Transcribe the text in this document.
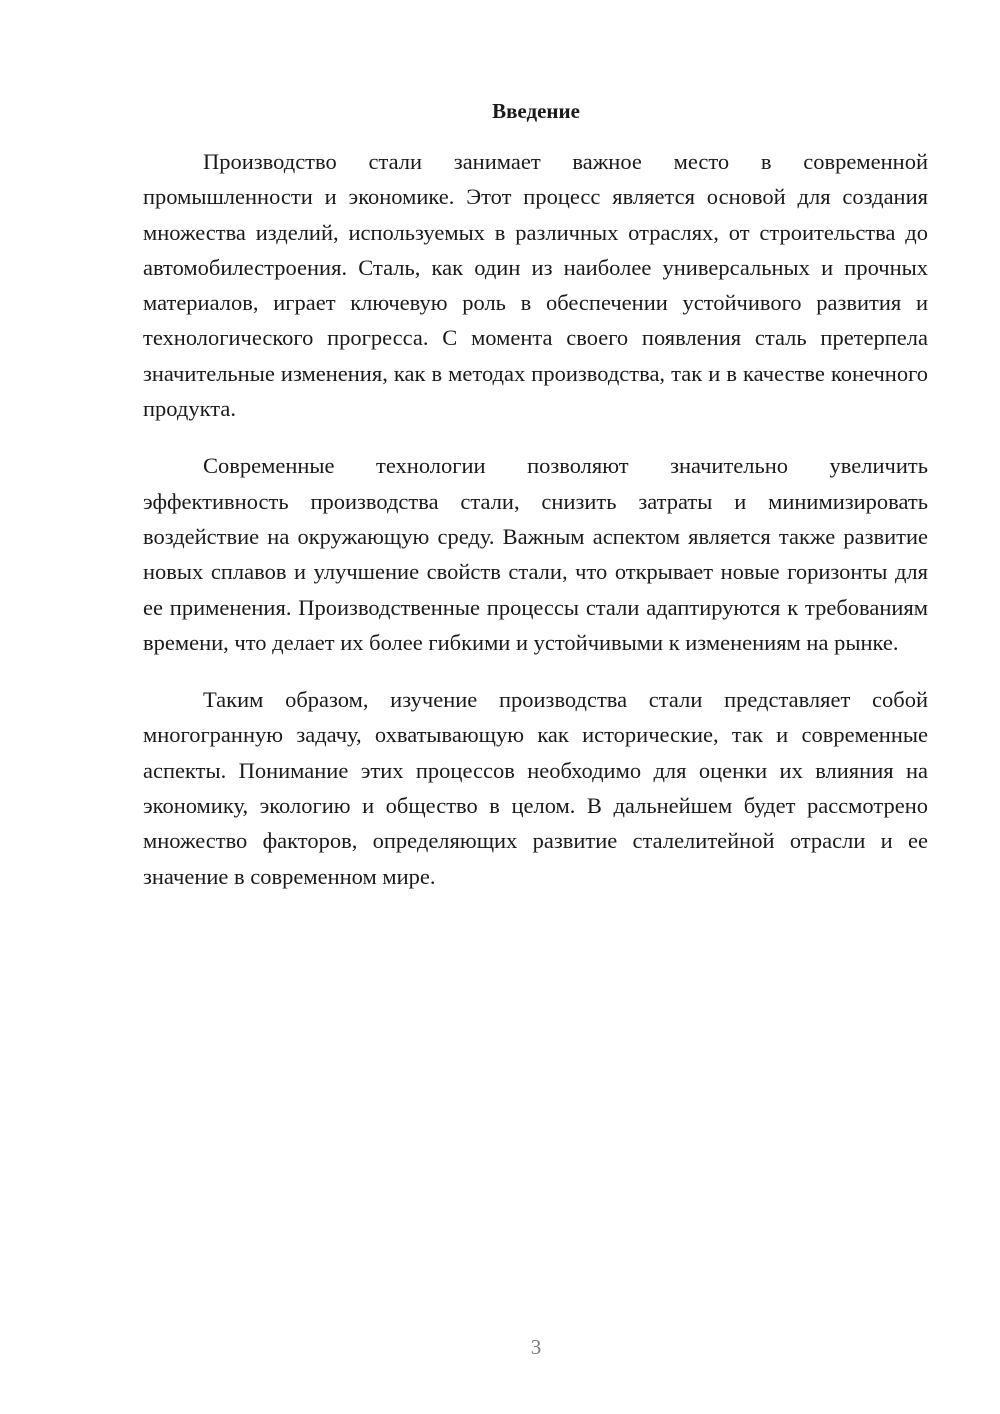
Введение

Производство стали занимает важное место в современной промышленности и экономике. Этот процесс является основой для создания множества изделий, используемых в различных отраслях, от строительства до автомобилестроения. Сталь, как один из наиболее универсальных и прочных материалов, играет ключевую роль в обеспечении устойчивого развития и технологического прогресса. С момента своего появления сталь претерпела значительные изменения, как в методах производства, так и в качестве конечного продукта.

Современные технологии позволяют значительно увеличить эффективность производства стали, снизить затраты и минимизировать воздействие на окружающую среду. Важным аспектом является также развитие новых сплавов и улучшение свойств стали, что открывает новые горизонты для ее применения. Производственные процессы стали адаптируются к требованиям времени, что делает их более гибкими и устойчивыми к изменениям на рынке.

Таким образом, изучение производства стали представляет собой многогранную задачу, охватывающую как исторические, так и современные аспекты. Понимание этих процессов необходимо для оценки их влияния на экономику, экологию и общество в целом. В дальнейшем будет рассмотрено множество факторов, определяющих развитие сталелитейной отрасли и ее значение в современном мире.

3
